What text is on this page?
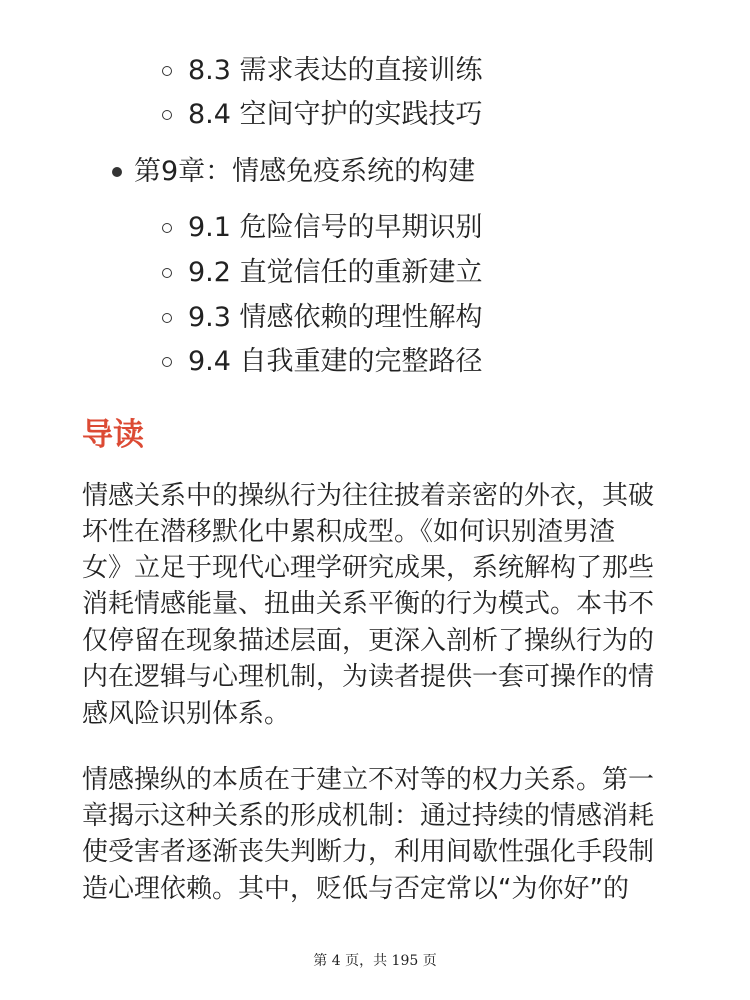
8.3 需求表达的直接训练
8.4 空间守护的实践技巧
第9章：情感免疫系统的构建
9.1 危险信号的早期识别
9.2 直觉信任的重新建立
9.3 情感依赖的理性解构
9.4 自我重建的完整路径
导读
情感关系中的操纵行为往往披着亲密的外衣，其破
坏性在潜移默化中累积成型。《如何识别渣男渣
女》立足于现代心理学研究成果，系统解构了那些
消耗情感能量、扭曲关系平衡的行为模式。本书不
仅停留在现象描述层面，更深入剖析了操纵行为的
内在逻辑与心理机制，为读者提供一套可操作的情
感风险识别体系。
情感操纵的本质在于建立不对等的权力关系。第一
章揭示这种关系的形成机制：通过持续的情感消耗
使受害者逐渐丧失判断力，利用间歇性强化手段制
造心理依赖。其中，贬低与否定常以“为你好”的
第 4 页，共 195 页
